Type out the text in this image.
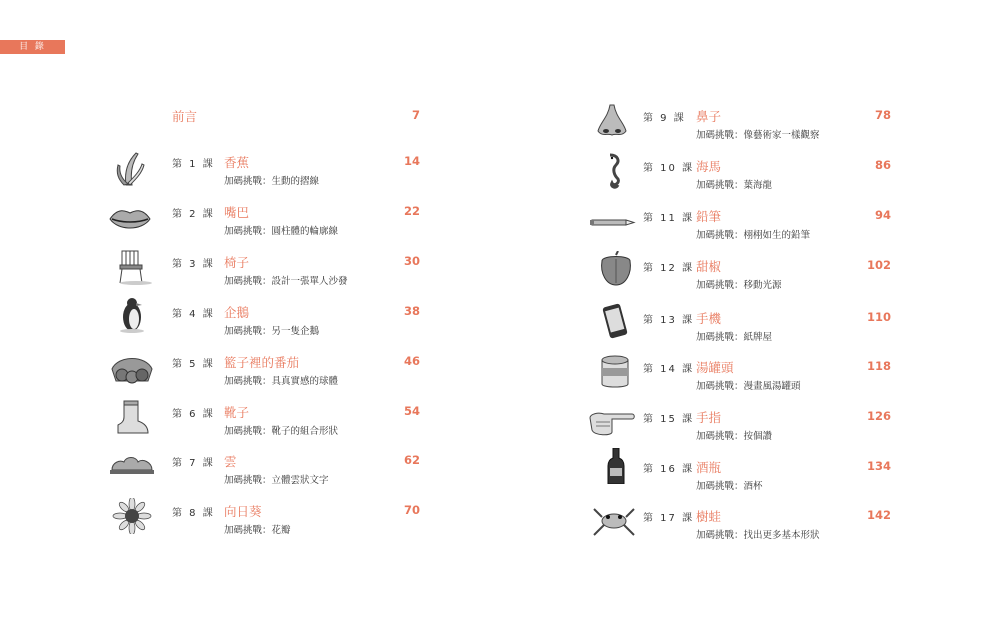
目 錄
前言	7
第 1 課 香蕉
加碼挑戰：生動的摺線
14
第 2 課 嘴巴
加碼挑戰：圓柱體的輪廓線
22
第 3 課 椅子
加碼挑戰：設計一張單人沙發
30
第 4 課 企鵝
加碼挑戰：另一隻企鵝
38
第 5 課 籃子裡的番茄
加碼挑戰：具真實感的球體
46
第 6 課 靴子
加碼挑戰：靴子的組合形狀
54
第 7 課 雲
加碼挑戰：立體雲狀文字
62
第 8 課 向日葵
加碼挑戰：花瓣
70
第 9 課 鼻子
加碼挑戰：像藝術家一樣觀察
78
第 10 課 海馬
加碼挑戰：葉海龍
86
第 11 課 鉛筆
加碼挑戰：栩栩如生的鉛筆
94
第 12 課 甜椒
加碼挑戰：移動光源
102
第 13 課 手機
加碼挑戰：紙牌屋
110
第 14 課 湯罐頭
加碼挑戰：漫畫風湯罐頭
118
第 15 課 手指
加碼挑戰：按個讚
126
第 16 課 酒瓶
加碼挑戰：酒杯
134
第 17 課 樹蛙
加碼挑戰：找出更多基本形狀
142
